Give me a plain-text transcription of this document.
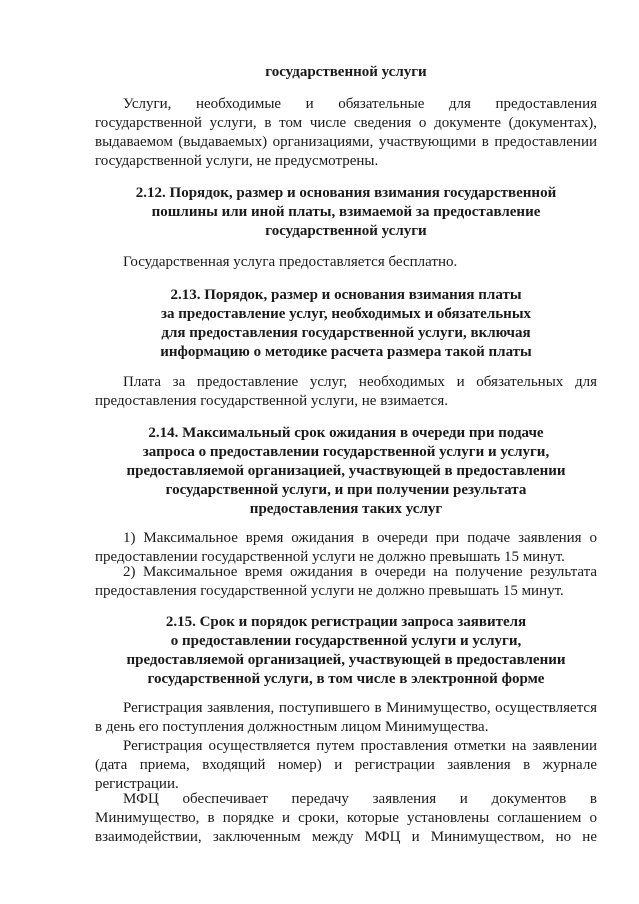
государственной услуги
Услуги, необходимые и обязательные для предоставления государственной услуги, в том числе сведения о документе (документах), выдаваемом (выдаваемых) организациями, участвующими в предоставлении государственной услуги, не предусмотрены.
2.12. Порядок, размер и основания взимания государственной
пошлины или иной платы, взимаемой за предоставление
государственной услуги
Государственная услуга предоставляется бесплатно.
2.13. Порядок, размер и основания взимания платы
за предоставление услуг, необходимых и обязательных
для предоставления государственной услуги, включая
информацию о методике расчета размера такой платы
Плата за предоставление услуг, необходимых и обязательных для предоставления государственной услуги, не взимается.
2.14. Максимальный срок ожидания в очереди при подаче
запроса о предоставлении государственной услуги и услуги,
предоставляемой организацией, участвующей в предоставлении
государственной услуги, и при получении результата
предоставления таких услуг
1) Максимальное время ожидания в очереди при подаче заявления о предоставлении государственной услуги не должно превышать 15 минут.
2) Максимальное время ожидания в очереди на получение результата предоставления государственной услуги не должно превышать 15 минут.
2.15. Срок и порядок регистрации запроса заявителя
о предоставлении государственной услуги и услуги,
предоставляемой организацией, участвующей в предоставлении
государственной услуги, в том числе в электронной форме
Регистрация заявления, поступившего в Минимущество, осуществляется в день его поступления должностным лицом Минимущества.
Регистрация осуществляется путем проставления отметки на заявлении (дата приема, входящий номер) и регистрации заявления в журнале регистрации.
МФЦ обеспечивает передачу заявления и документов в
Минимущество, в порядке и сроки, которые установлены соглашением о
взаимодействии, заключенным между МФЦ и Минимуществом, но не
